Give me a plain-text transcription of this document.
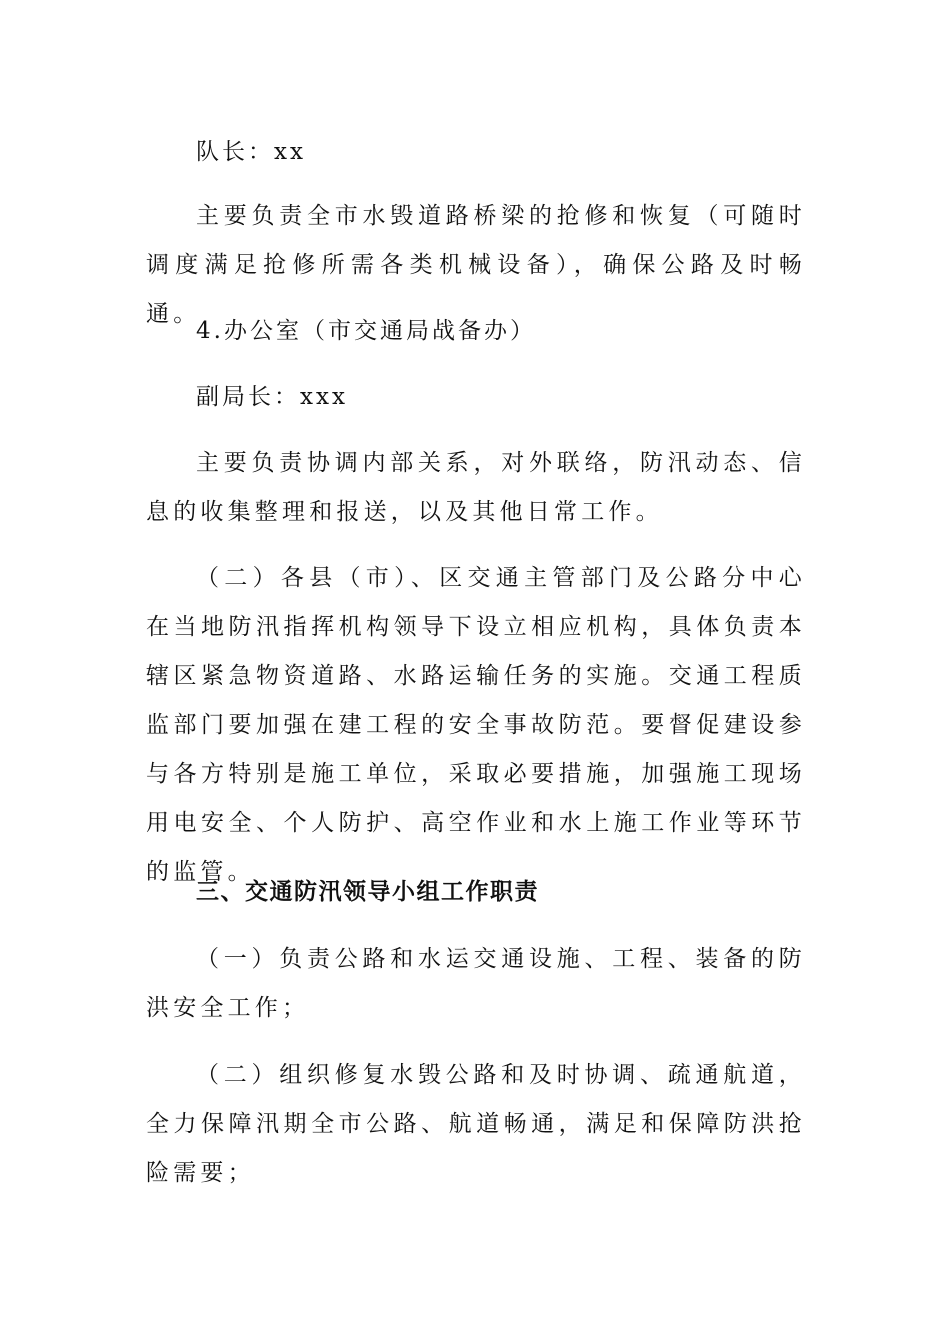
队长：xx

主要负责全市水毁道路桥梁的抢修和恢复（可随时调度满足抢修所需各类机械设备），确保公路及时畅通。

4.办公室（市交通局战备办）

副局长：xxx

主要负责协调内部关系，对外联络，防汛动态、信息的收集整理和报送，以及其他日常工作。

（二）各县（市）、区交通主管部门及公路分中心在当地防汛指挥机构领导下设立相应机构，具体负责本辖区紧急物资道路、水路运输任务的实施。交通工程质监部门要加强在建工程的安全事故防范。要督促建设参与各方特别是施工单位，采取必要措施，加强施工现场用电安全、个人防护、高空作业和水上施工作业等环节的监管。

三、交通防汛领导小组工作职责

（一）负责公路和水运交通设施、工程、装备的防洪安全工作；

（二）组织修复水毁公路和及时协调、疏通航道，全力保障汛期全市公路、航道畅通，满足和保障防洪抢险需要；
